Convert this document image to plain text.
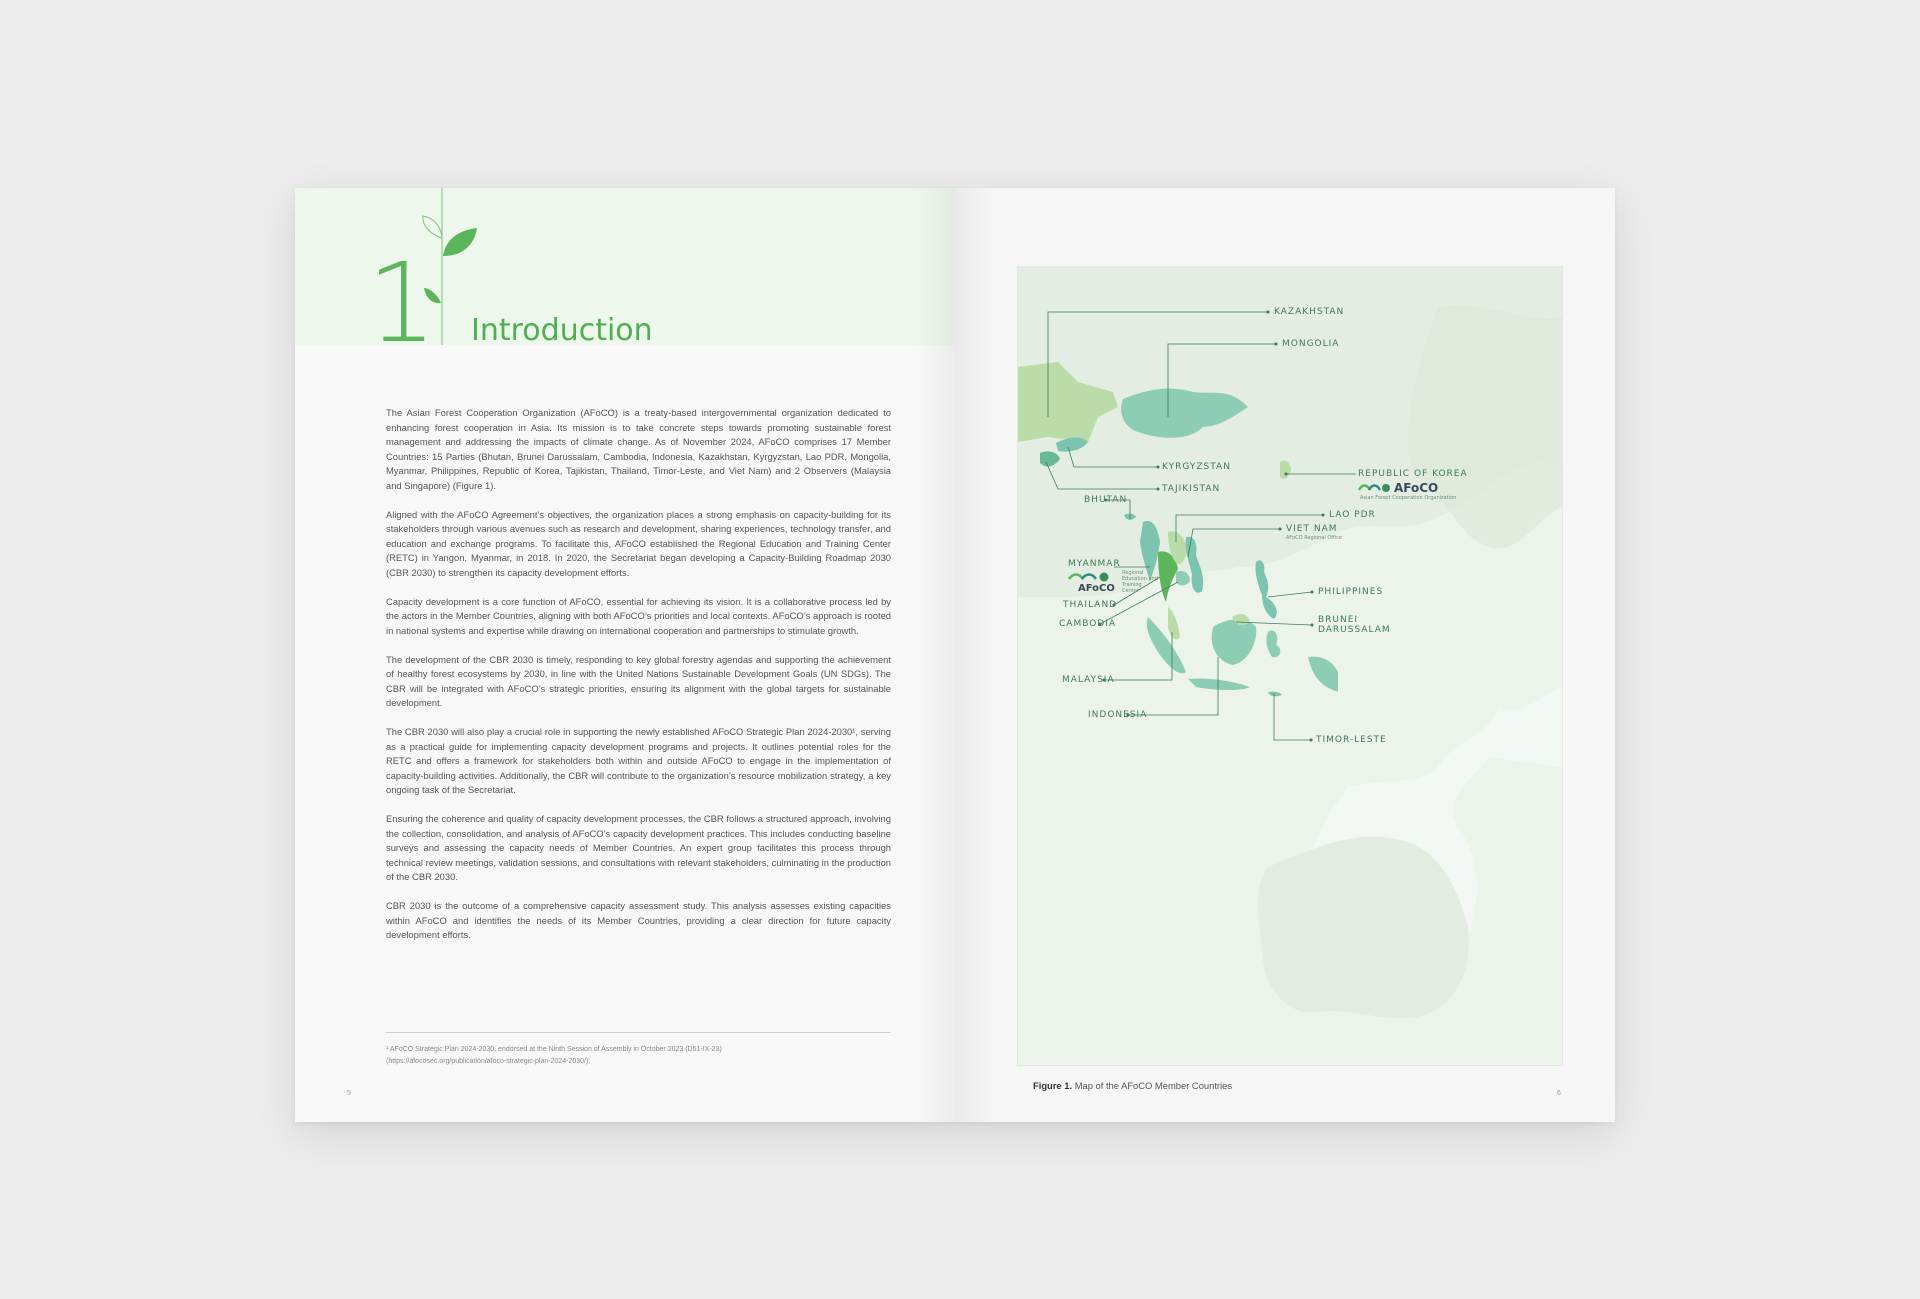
1 Introduction

The Asian Forest Cooperation Organization (AFoCO) is a treaty-based intergovernmental organization dedicated to enhancing forest cooperation in Asia. Its mission is to take concrete steps towards promoting sustainable forest management and addressing the impacts of climate change. As of November 2024, AFoCO comprises 17 Member Countries: 15 Parties (Bhutan, Brunei Darussalam, Cambodia, Indonesia, Kazakhstan, Kyrgyzstan, Lao PDR, Mongolia, Myanmar, Philippines, Republic of Korea, Tajikistan, Thailand, Timor-Leste, and Viet Nam) and 2 Observers (Malaysia and Singapore) (Figure 1).

Aligned with the AFoCO Agreement’s objectives, the organization places a strong emphasis on capacity-building for its stakeholders through various avenues such as research and development, sharing experiences, technology transfer, and education and exchange programs. To facilitate this, AFoCO established the Regional Education and Training Center (RETC) in Yangon, Myanmar, in 2018. In 2020, the Secretariat began developing a Capacity-Building Roadmap 2030 (CBR 2030) to strengthen its capacity development efforts.

Capacity development is a core function of AFoCO, essential for achieving its vision. It is a collaborative process led by the actors in the Member Countries, aligning with both AFoCO’s priorities and local contexts. AFoCO’s approach is rooted in national systems and expertise while drawing on international cooperation and partnerships to stimulate growth.

The development of the CBR 2030 is timely, responding to key global forestry agendas and supporting the achievement of healthy forest ecosystems by 2030, in line with the United Nations Sustainable Development Goals (UN SDGs). The CBR will be integrated with AFoCO’s strategic priorities, ensuring its alignment with the global targets for sustainable development.

The CBR 2030 will also play a crucial role in supporting the newly established AFoCO Strategic Plan 2024-2030¹, serving as a practical guide for implementing capacity development programs and projects. It outlines potential roles for the RETC and offers a framework for stakeholders both within and outside AFoCO to engage in the implementation of capacity-building activities. Additionally, the CBR will contribute to the organization’s resource mobilization strategy, a key ongoing task of the Secretariat.

Ensuring the coherence and quality of capacity development processes, the CBR follows a structured approach, involving the collection, consolidation, and analysis of AFoCO’s capacity development practices. This includes conducting baseline surveys and assessing the capacity needs of Member Countries. An expert group facilitates this process through technical review meetings, validation sessions, and consultations with relevant stakeholders, culminating in the production of the CBR 2030.

CBR 2030 is the outcome of a comprehensive capacity assessment study. This analysis assesses existing capacities within AFoCO and identifies the needs of its Member Countries, providing a clear direction for future capacity development efforts.

¹ AFoCO Strategic Plan 2024-2030, endorsed at the Ninth Session of Assembly in October 2023 (D51-IX-23)
(https://afocosec.org/publication/afoco-strategic-plan-2024-2030/).
5
KAZAKHSTAN
MONGOLIA
KYRGYZSTAN
TAJIKISTAN
REPUBLIC OF KOREA
AFoCO
Asian Forest Cooperation Organization
BHUTAN
LAO PDR
VIET NAM
AFoCO Regional Office
MYANMAR
AFoCO
Regional
Education and
Training
Center
THAILAND
CAMBODIA
PHILIPPINES
BRUNEI
DARUSSALAM
MALAYSIA
INDONESIA
TIMOR-LESTE
Figure 1. Map of the AFoCO Member Countries
6
